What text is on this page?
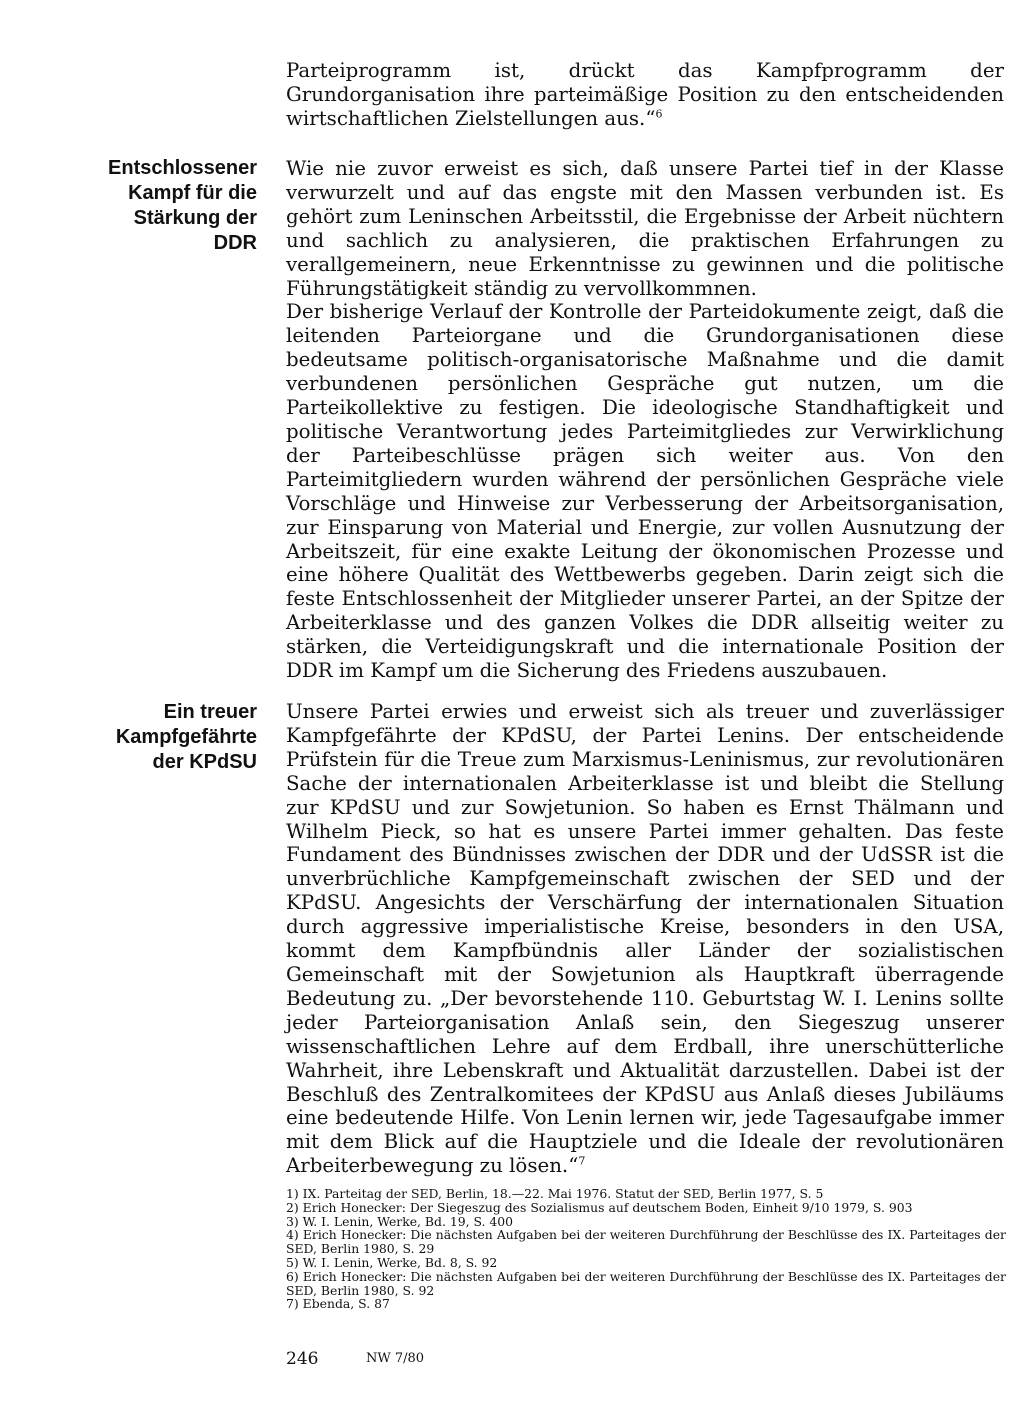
Parteiprogramm ist, drückt das Kampfprogramm der Grundorganisation ihre parteimäßige Position zu den entscheidenden wirtschaftlichen Zielstellungen aus.“$^6$

Entschlossener
Kampf für die
Stärkung der DDR

Wie nie zuvor erweist es sich, daß unsere Partei tief in der Klasse verwurzelt und auf das engste mit den Massen verbunden ist. Es gehört zum Leninschen Arbeitsstil, die Ergebnisse der Arbeit nüchtern und sachlich zu analysieren, die praktischen Erfahrungen zu verallgemeinern, neue Erkenntnisse zu gewinnen und die politische Führungstätigkeit ständig zu vervollkommnen.

Der bisherige Verlauf der Kontrolle der Parteidokumente zeigt, daß die leitenden Parteiorgane und die Grundorganisationen diese bedeutsame politisch-organisatorische Maßnahme und die damit verbundenen persönlichen Gespräche gut nutzen, um die Parteikollektive zu festigen. Die ideologische Standhaftigkeit und politische Verantwortung jedes Parteimitgliedes zur Verwirklichung der Parteibeschlüsse prägen sich weiter aus. Von den Parteimitgliedern wurden während der persönlichen Gespräche viele Vorschläge und Hinweise zur Verbesserung der Arbeitsorganisation, zur Einsparung von Material und Energie, zur vollen Ausnutzung der Arbeitszeit, für eine exakte Leitung der ökonomischen Prozesse und eine höhere Qualität des Wettbewerbs gegeben. Darin zeigt sich die feste Entschlossenheit der Mitglieder unserer Partei, an der Spitze der Arbeiterklasse und des ganzen Volkes die DDR allseitig weiter zu stärken, die Verteidigungskraft und die internationale Position der DDR im Kampf um die Sicherung des Friedens auszubauen.

Ein treuer
Kampfgefährte
der KPdSU

Unsere Partei erwies und erweist sich als treuer und zuverlässiger Kampfgefährte der KPdSU, der Partei Lenins. Der entscheidende Prüfstein für die Treue zum Marxismus-Leninismus, zur revolutionären Sache der internationalen Arbeiterklasse ist und bleibt die Stellung zur KPdSU und zur Sowjetunion. So haben es Ernst Thälmann und Wilhelm Pieck, so hat es unsere Partei immer gehalten. Das feste Fundament des Bündnisses zwischen der DDR und der UdSSR ist die unverbrüchliche Kampfgemeinschaft zwischen der SED und der KPdSU. Angesichts der Verschärfung der internationalen Situation durch aggressive imperialistische Kreise, besonders in den USA, kommt dem Kampfbündnis aller Länder der sozialistischen Gemeinschaft mit der Sowjetunion als Hauptkraft überragende Bedeutung zu. „Der bevorstehende 110. Geburtstag W. I. Lenins sollte jeder Parteiorganisation Anlaß sein, den Siegeszug unserer wissenschaftlichen Lehre auf dem Erdball, ihre unerschütterliche Wahrheit, ihre Lebenskraft und Aktualität darzustellen. Dabei ist der Beschluß des Zentralkomitees der KPdSU aus Anlaß dieses Jubiläums eine bedeutende Hilfe. Von Lenin lernen wir, jede Tagesaufgabe immer mit dem Blick auf die Hauptziele und die Ideale der revolutionären Arbeiterbewegung zu lösen.“$^7$

1) IX. Parteitag der SED, Berlin, 18.—22. Mai 1976. Statut der SED, Berlin 1977, S. 5

2) Erich Honecker: Der Siegeszug des Sozialismus auf deutschem Boden, Einheit 9/10 1979, S. 903

3) W. I. Lenin, Werke, Bd. 19, S. 400

4) Erich Honecker: Die nächsten Aufgaben bei der weiteren Durchführung der Beschlüsse des IX. Parteitages der SED, Berlin 1980, S. 29

5) W. I. Lenin, Werke, Bd. 8, S. 92

6) Erich Honecker: Die nächsten Aufgaben bei der weiteren Durchführung der Beschlüsse des IX. Parteitages der SED, Berlin 1980, S. 92

7) Ebenda, S. 87

246	NW 7/80
